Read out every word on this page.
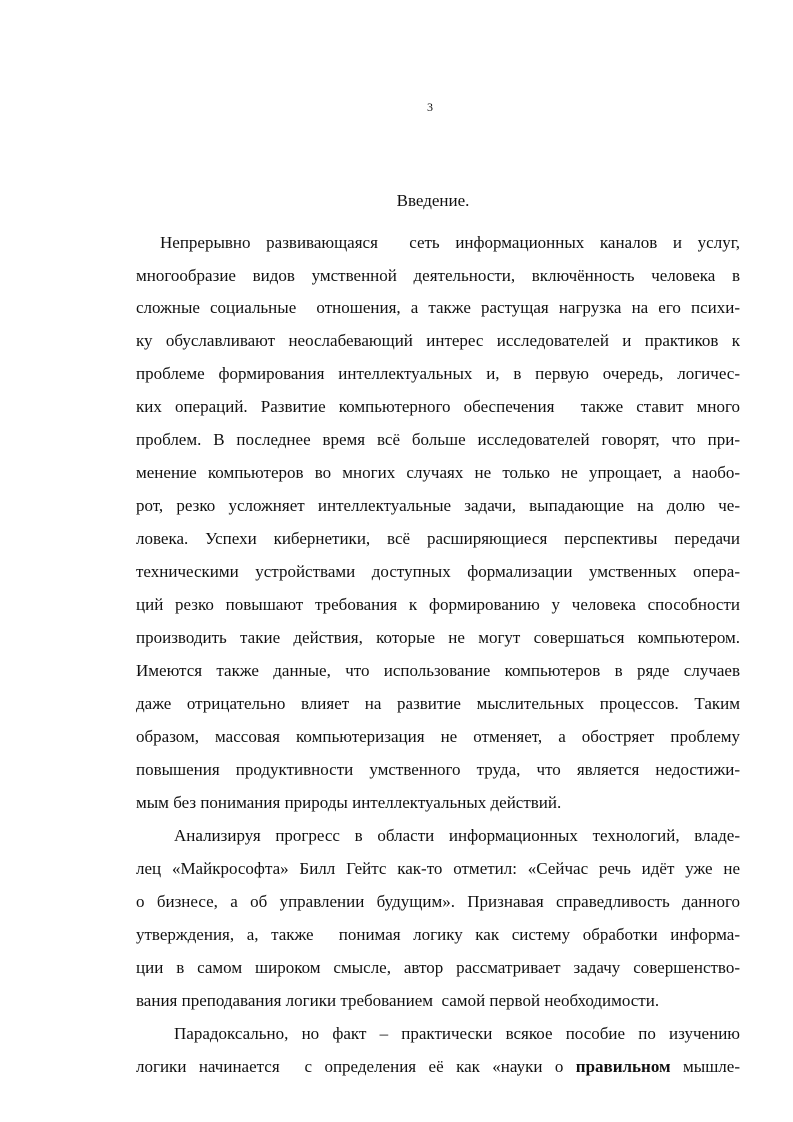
3
Введение.
Непрерывно развивающаяся  сеть информационных каналов и услуг,
многообразие видов умственной деятельности, включённость человека в
сложные социальные  отношения, а также растущая нагрузка на его психи-
ку обуславливают неослабевающий интерес исследователей и практиков к
проблеме формирования интеллектуальных и, в первую очередь, логичес-
ких операций. Развитие компьютерного обеспечения  также ставит много
проблем. В последнее время всё больше исследователей говорят, что при-
менение компьютеров во многих случаях не только не упрощает, а наобо-
рот, резко усложняет интеллектуальные задачи, выпадающие на долю че-
ловека. Успехи кибернетики, всё расширяющиеся перспективы передачи
техническими устройствами доступных формализации умственных опера-
ций резко повышают требования к формированию у человека способности
производить такие действия, которые не могут совершаться компьютером.
Имеются также данные, что использование компьютеров в ряде случаев
даже отрицательно влияет на развитие мыслительных процессов. Таким
образом, массовая компьютеризация не отменяет, а обостряет проблему
повышения продуктивности умственного труда, что является недостижи-
мым без понимания природы интеллектуальных действий.
Анализируя прогресс в области информационных технологий, владе-
лец «Майкрософта» Билл Гейтс как-то отметил: «Сейчас речь идёт уже не
о бизнесе, а об управлении будущим». Признавая справедливость данного
утверждения, а, также  понимая логику как систему обработки информа-
ции в самом широком смысле, автор рассматривает задачу совершенство-
вания преподавания логики требованием  самой первой необходимости.
Парадоксально, но факт – практически всякое пособие по изучению
логики начинается  с определения её как «науки о правильном мышле-
